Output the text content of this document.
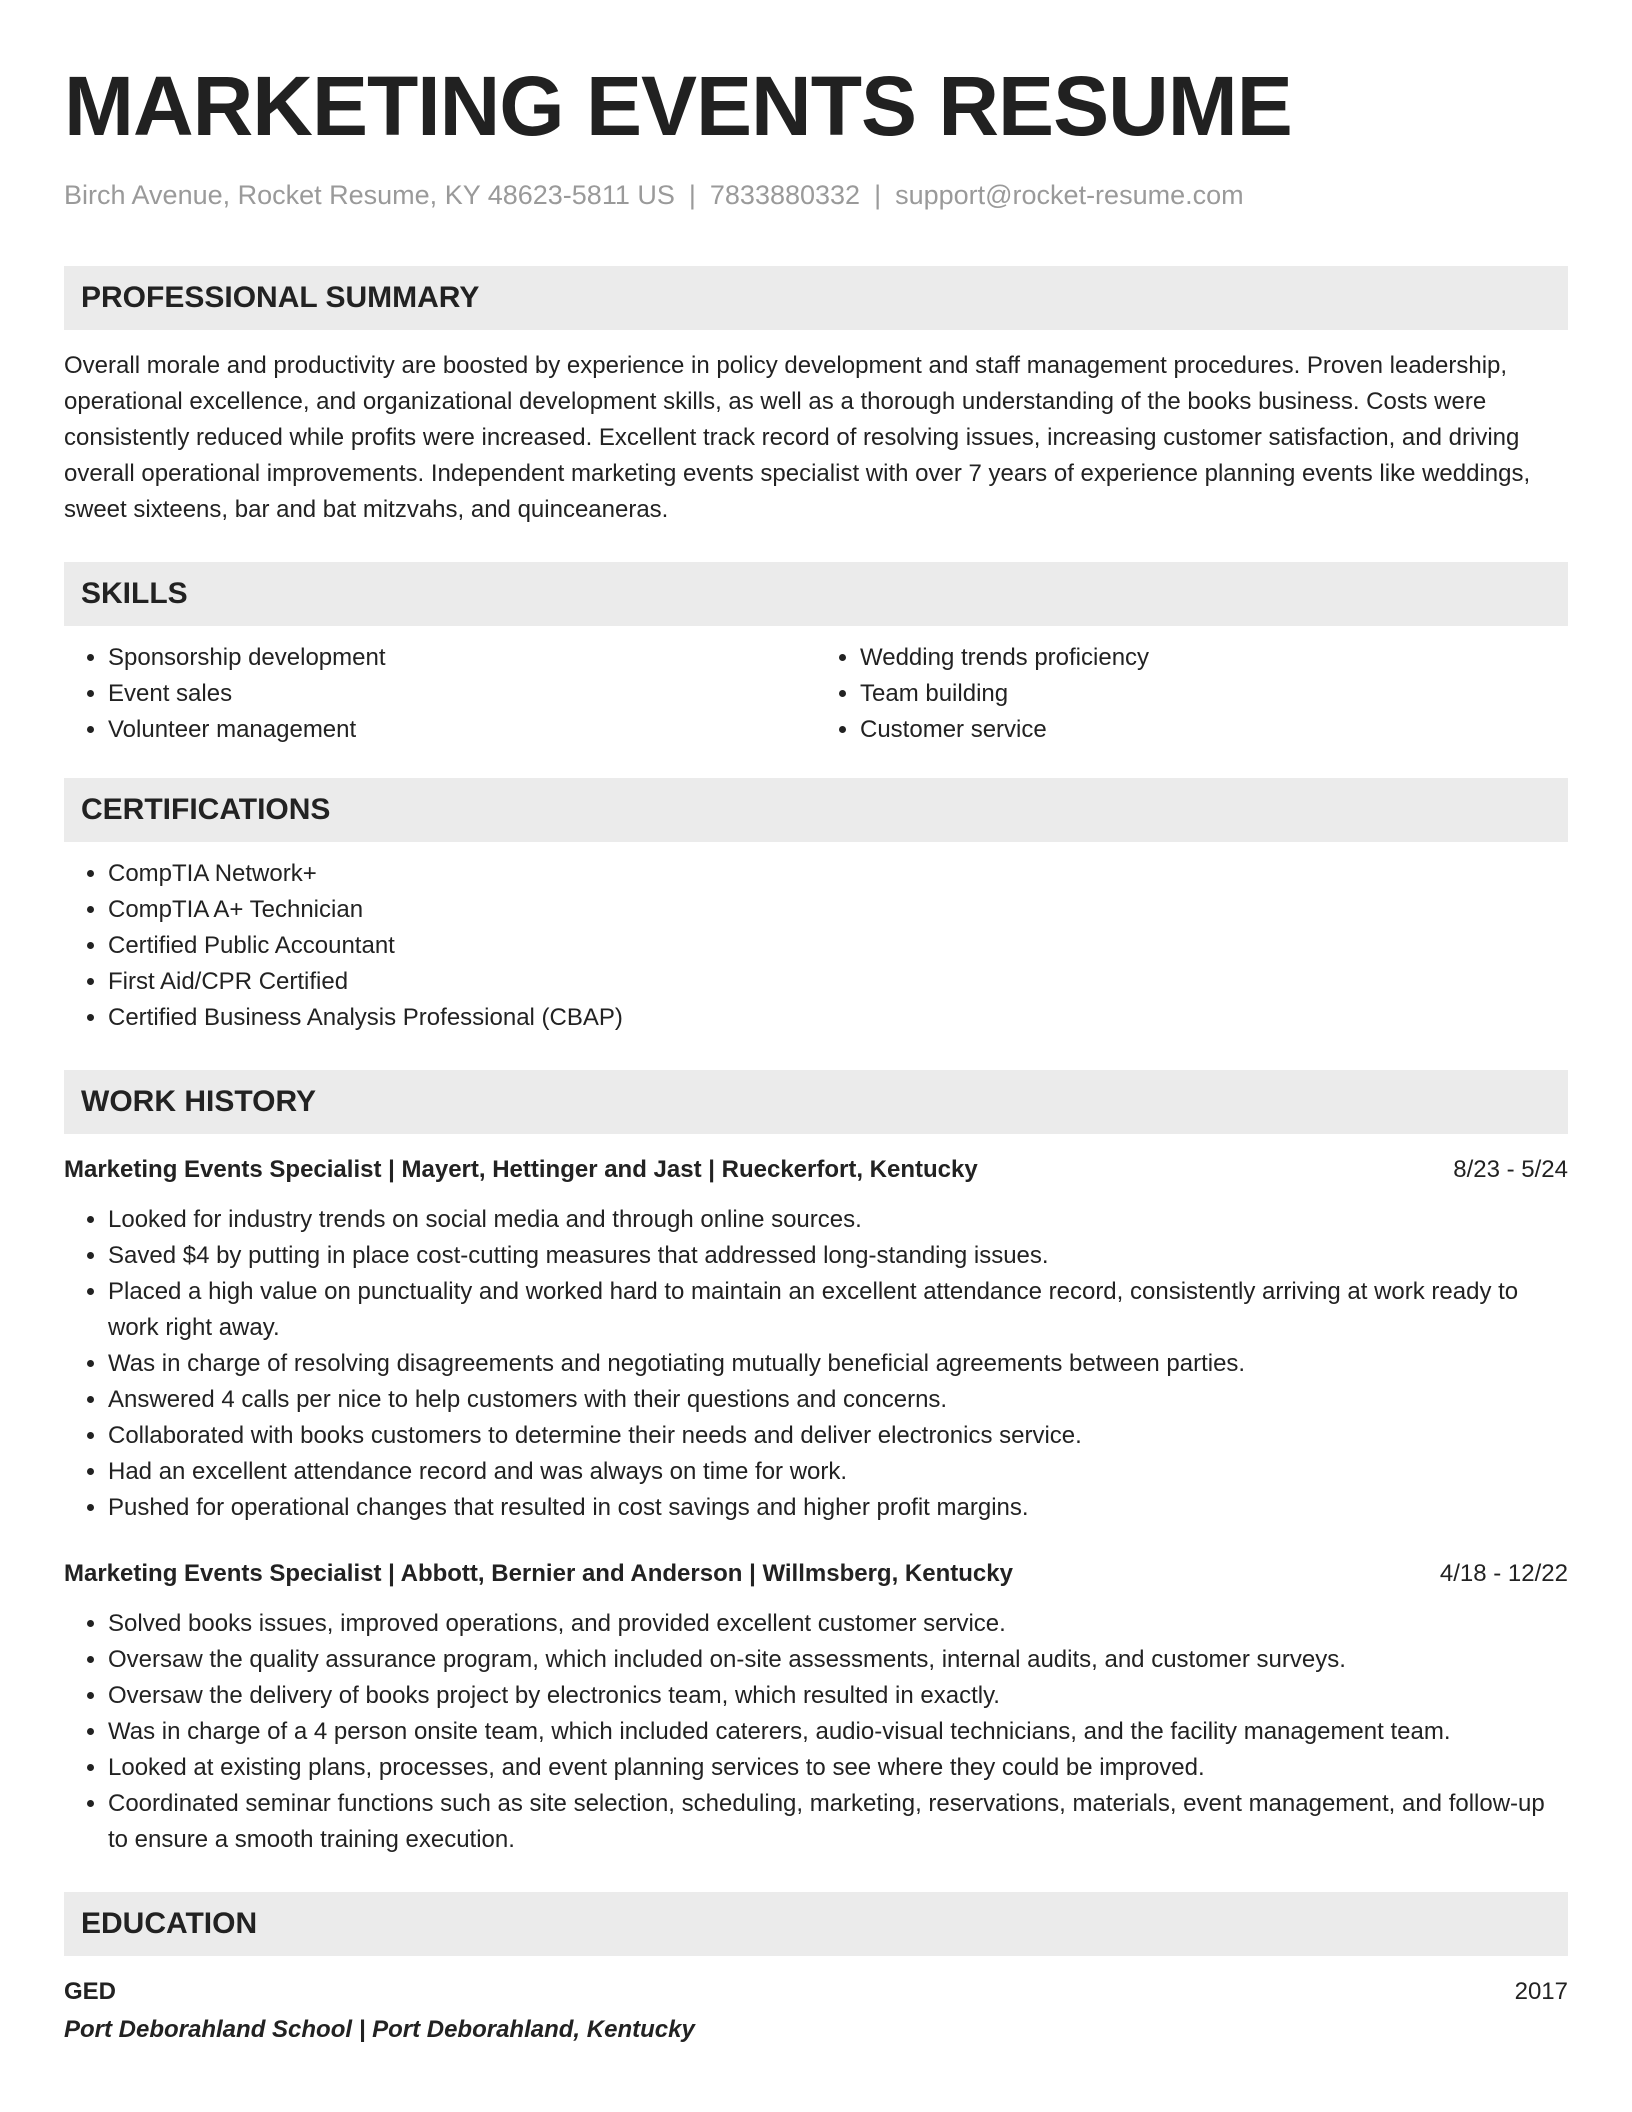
MARKETING EVENTS RESUME
Birch Avenue, Rocket Resume, KY 48623-5811 US | 7833880332 | support@rocket-resume.com
PROFESSIONAL SUMMARY
Overall morale and productivity are boosted by experience in policy development and staff management procedures. Proven leadership, operational excellence, and organizational development skills, as well as a thorough understanding of the books business. Costs were consistently reduced while profits were increased. Excellent track record of resolving issues, increasing customer satisfaction, and driving overall operational improvements. Independent marketing events specialist with over 7 years of experience planning events like weddings, sweet sixteens, bar and bat mitzvahs, and quinceaneras.
SKILLS
• Sponsorship development
• Event sales
• Volunteer management
• Wedding trends proficiency
• Team building
• Customer service
CERTIFICATIONS
• CompTIA Network+
• CompTIA A+ Technician
• Certified Public Accountant
• First Aid/CPR Certified
• Certified Business Analysis Professional (CBAP)
WORK HISTORY
Marketing Events Specialist | Mayert, Hettinger and Jast | Rueckerfort, Kentucky	8/23 - 5/24
• Looked for industry trends on social media and through online sources.
• Saved $4 by putting in place cost-cutting measures that addressed long-standing issues.
• Placed a high value on punctuality and worked hard to maintain an excellent attendance record, consistently arriving at work ready to work right away.
• Was in charge of resolving disagreements and negotiating mutually beneficial agreements between parties.
• Answered 4 calls per nice to help customers with their questions and concerns.
• Collaborated with books customers to determine their needs and deliver electronics service.
• Had an excellent attendance record and was always on time for work.
• Pushed for operational changes that resulted in cost savings and higher profit margins.
Marketing Events Specialist | Abbott, Bernier and Anderson | Willmsberg, Kentucky	4/18 - 12/22
• Solved books issues, improved operations, and provided excellent customer service.
• Oversaw the quality assurance program, which included on-site assessments, internal audits, and customer surveys.
• Oversaw the delivery of books project by electronics team, which resulted in exactly.
• Was in charge of a 4 person onsite team, which included caterers, audio-visual technicians, and the facility management team.
• Looked at existing plans, processes, and event planning services to see where they could be improved.
• Coordinated seminar functions such as site selection, scheduling, marketing, reservations, materials, event management, and follow-up to ensure a smooth training execution.
EDUCATION
GED	2017
Port Deborahland School | Port Deborahland, Kentucky
